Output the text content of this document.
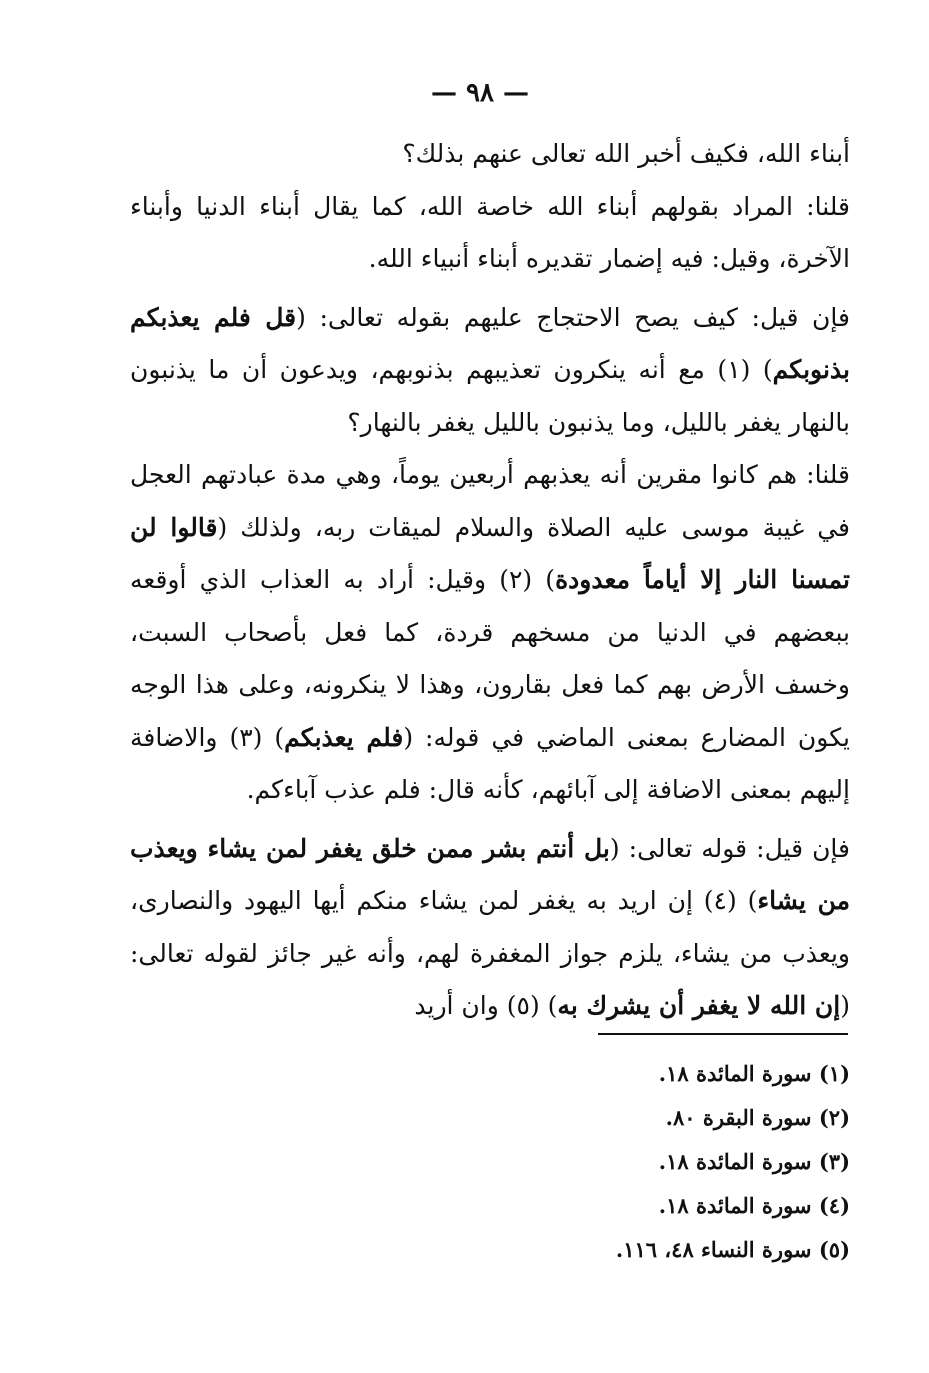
— ٩٨ —

أبناء الله، فكيف أخبر الله تعالى عنهم بذلك؟

قلنا: المراد بقولهم أبناء الله خاصة الله، كما يقال أبناء الدنيا وأبناء الآخرة، وقيل: فيه إضمار تقديره أبناء أنبياء الله.

فإن قيل: كيف يصح الاحتجاج عليهم بقوله تعالى: (قل فلم يعذبكم بذنوبكم) (١) مع أنه ينكرون تعذيبهم بذنوبهم، ويدعون أن ما يذنبون بالنهار يغفر بالليل، وما يذنبون بالليل يغفر بالنهار؟

قلنا: هم كانوا مقرين أنه يعذبهم أربعين يوماً، وهي مدة عبادتهم العجل في غيبة موسى عليه الصلاة والسلام لميقات ربه، ولذلك (قالوا لن تمسنا النار إلا أياماً معدودة) (٢) وقيل: أراد به العذاب الذي أوقعه ببعضهم في الدنيا من مسخهم قردة، كما فعل بأصحاب السبت، وخسف الأرض بهم كما فعل بقارون، وهذا لا ينكرونه، وعلى هذا الوجه يكون المضارع بمعنى الماضي في قوله: (فلم يعذبكم) (٣) والاضافة إليهم بمعنى الاضافة إلى آبائهم، كأنه قال: فلم عذب آباءكم.

فإن قيل: قوله تعالى: (بل أنتم بشر ممن خلق يغفر لمن يشاء ويعذب من يشاء) (٤) إن اريد به يغفر لمن يشاء منكم أيها اليهود والنصارى، ويعذب من يشاء، يلزم جواز المغفرة لهم، وأنه غير جائز لقوله تعالى: (إن الله لا يغفر أن يشرك به) (٥) وان أريد

(١) سورة المائدة ١٨.
(٢) سورة البقرة ٨٠.
(٣) سورة المائدة ١٨.
(٤) سورة المائدة ١٨.
(٥) سورة النساء ٤٨، ١١٦.
